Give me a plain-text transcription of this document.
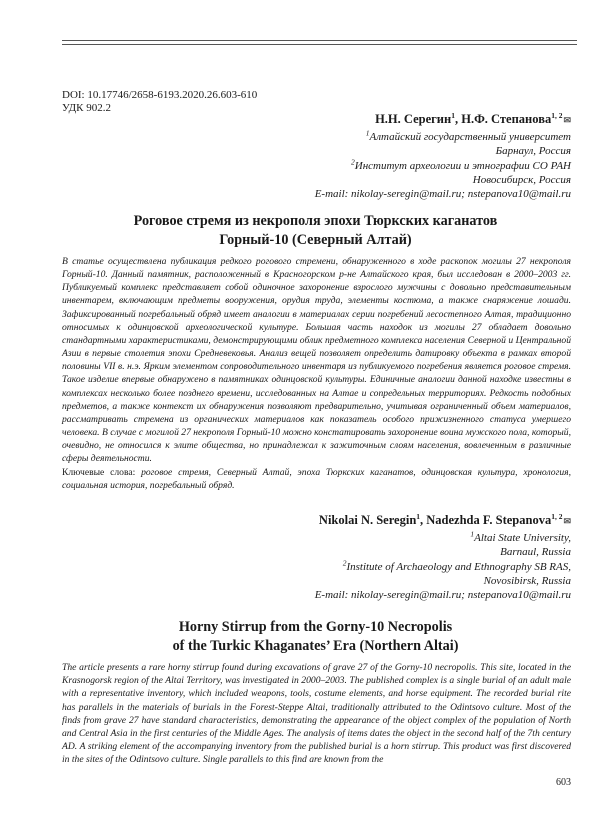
DOI: 10.17746/2658-6193.2020.26.603-610
УДК 902.2
Н.Н. Серегин$^1$, Н.Ф. Степанова$^{1, 2}$✉
$^1$Алтайский государственный университет
Барнаул, Россия
$^2$Институт археологии и этнографии СО РАН
Новосибирск, Россия
E-mail: nikolay-seregin@mail.ru; nstepanova10@mail.ru
Роговое стремя из некрополя эпохи Тюркских каганатов
Горный-10 (Северный Алтай)
В статье осуществлена публикация редкого рогового стремени, обнаруженного в ходе раскопок могилы 27 некрополя Горный-10. Данный памятник, расположенный в Красногорском р-не Алтайского края, был исследован в 2000–2003 гг. Публикуемый комплекс представляет собой одиночное захоронение взрослого мужчины с довольно представительным инвентарем, включающим предметы вооружения, орудия труда, элементы костюма, а также снаряжение лошади. Зафиксированный погребальный обряд имеет аналогии в материалах серии погребений лесостепного Алтая, традиционно относимых к одинцовской археологической культуре. Большая часть находок из могилы 27 обладает довольно стандартными характеристиками, демонстрирующими облик предметного комплекса населения Северной и Центральной Азии в первые столетия эпохи Средневековья. Анализ вещей позволяет определить датировку объекта в рамках второй половины VII в. н.э. Ярким элементом сопроводительного инвентаря из публикуемого погребения является роговое стремя. Такое изделие впервые обнаружено в памятниках одинцовской культуры. Единичные аналогии данной находке известны в комплексах несколько более позднего времени, исследованных на Алтае и сопредельных территориях. Редкость подобных предметов, а также контекст их обнаружения позволяют предварительно, учитывая ограниченный объем материалов, рассматривать стремена из органических материалов как показатель особого прижизненного статуса умершего человека. В случае с могилой 27 некрополя Горный-10 можно констатировать захоронение воина мужского пола, который, очевидно, не относился к элите общества, но принадлежал к зажиточным слоям населения, вовлеченным в различные сферы деятельности.
Ключевые слова: роговое стремя, Северный Алтай, эпоха Тюркских каганатов, одинцовская культура, хронология, социальная история, погребальный обряд.
Nikolai N. Seregin$^1$, Nadezhda F. Stepanova$^{1, 2}$✉
$^1$Altai State University,
Barnaul, Russia
$^2$Institute of Archaeology and Ethnography SB RAS,
Novosibirsk, Russia
E-mail: nikolay-seregin@mail.ru; nstepanova10@mail.ru
Horny Stirrup from the Gorny-10 Necropolis
of the Turkic Khaganates’ Era (Northern Altai)
The article presents a rare horny stirrup found during excavations of grave 27 of the Gorny-10 necropolis. This site, located in the Krasnogorsk region of the Altai Territory, was investigated in 2000–2003. The published complex is a single burial of an adult male with a representative inventory, which included weapons, tools, costume elements, and horse equipment. The recorded burial rite has parallels in the materials of burials in the Forest-Steppe Altai, traditionally attributed to the Odintsovo culture. Most of the finds from grave 27 have standard characteristics, demonstrating the appearance of the object complex of the population of North and Central Asia in the first centuries of the Middle Ages. The analysis of items dates the object in the second half of the 7th century AD. A striking element of the accompanying inventory from the published burial is a horn stirrup. This product was first discovered in the sites of the Odintsovo culture. Single parallels to this find are known from the
603
